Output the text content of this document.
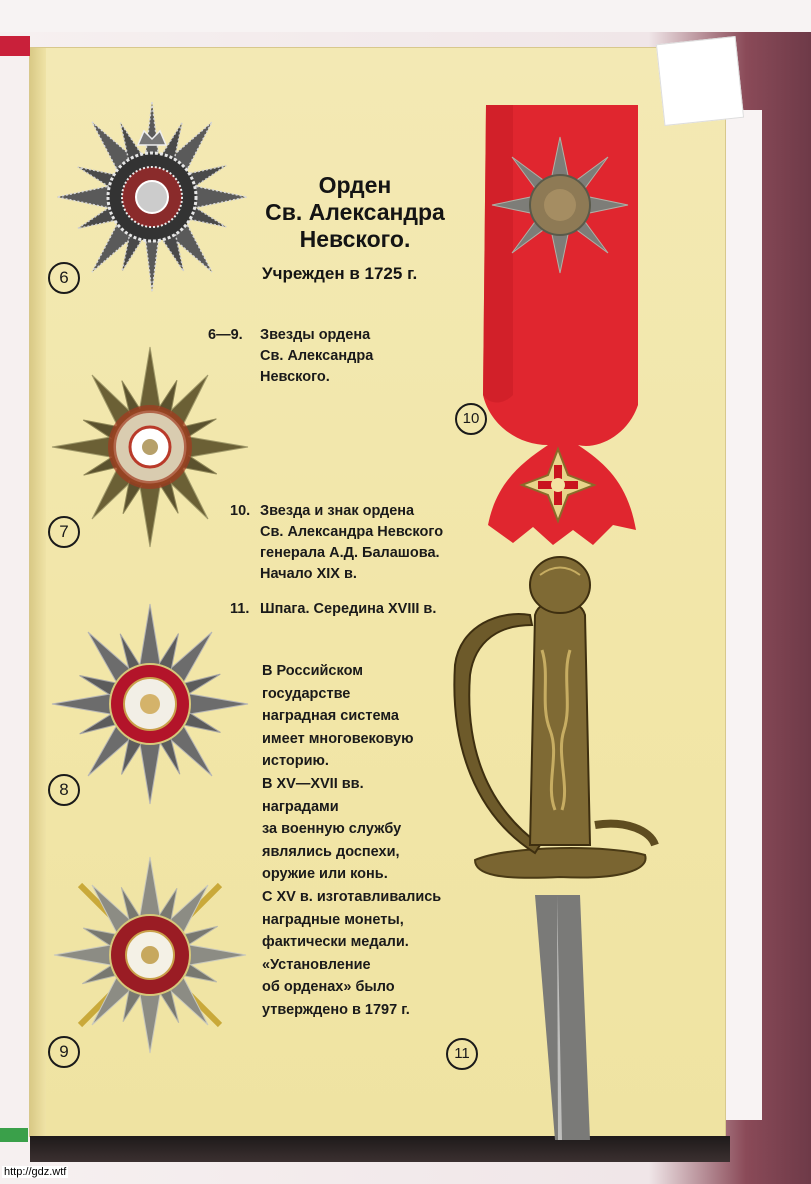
Орден
Св. Александра
Невского.
Учрежден в 1725 г.
6—9. Звезды ордена
Св. Александра
Невского.
10. Звезда и знак ордена
Св. Александра Невского
генерала А.Д. Балашова.
Начало XIX в.
11. Шпага. Середина XVIII в.
В Российском
государстве
наградная система
имеет многовековую
историю.
В XV—XVII вв.
наградами
за военную службу
являлись доспехи,
оружие или конь.
С XV в. изготавливались
наградные монеты,
фактически медали.
«Установление
об орденах» было
утверждено в 1797 г.
6
7
8
9
10
11
http://gdz.wtf
